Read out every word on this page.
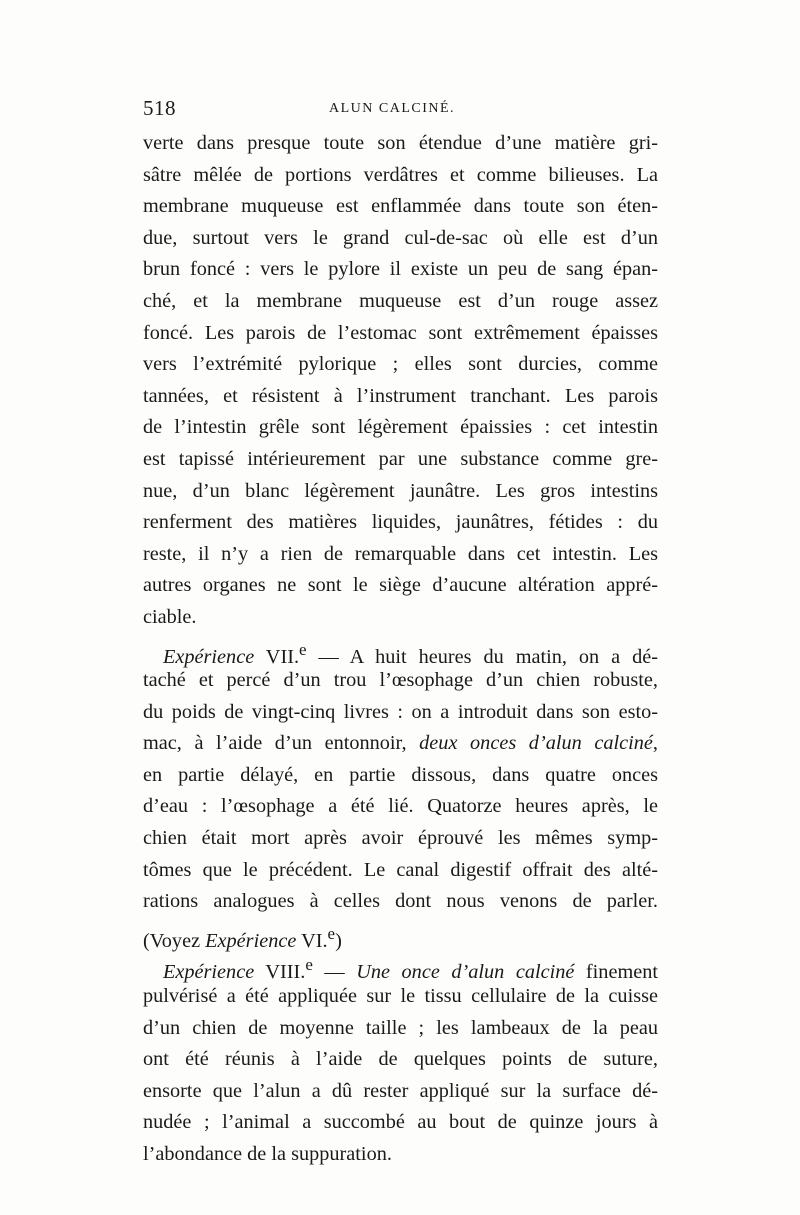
518	ALUN CALCINÉ.
verte dans presque toute son étendue d’une matière gri-
sâtre mêlée de portions verdâtres et comme bilieuses. La
membrane muqueuse est enflammée dans toute son éten-
due, surtout vers le grand cul-de-sac où elle est d’un
brun foncé : vers le pylore il existe un peu de sang épan-
ché, et la membrane muqueuse est d’un rouge assez
foncé. Les parois de l’estomac sont extrêmement épaisses
vers l’extrémité pylorique ; elles sont durcies, comme
tannées, et résistent à l’instrument tranchant. Les parois
de l’intestin grêle sont légèrement épaissies : cet intestin
est tapissé intérieurement par une substance comme gre-
nue, d’un blanc légèrement jaunâtre. Les gros intestins
renferment des matières liquides, jaunâtres, fétides : du
reste, il n’y a rien de remarquable dans cet intestin. Les
autres organes ne sont le siège d’aucune altération appré-
ciable.
Expérience VII.$^e$ — A huit heures du matin, on a dé-
taché et percé d’un trou l’œsophage d’un chien robuste,
du poids de vingt-cinq livres : on a introduit dans son esto-
mac, à l’aide d’un entonnoir, deux onces d’alun calciné,
en partie délayé, en partie dissous, dans quatre onces
d’eau : l’œsophage a été lié. Quatorze heures après, le
chien était mort après avoir éprouvé les mêmes symp-
tômes que le précédent. Le canal digestif offrait des alté-
rations analogues à celles dont nous venons de parler.
(Voyez Expérience VI.$^e$)
Expérience VIII.$^e$ — Une once d’alun calciné finement
pulvérisé a été appliquée sur le tissu cellulaire de la cuisse
d’un chien de moyenne taille ; les lambeaux de la peau
ont été réunis à l’aide de quelques points de suture,
ensorte que l’alun a dû rester appliqué sur la surface dé-
nudée ; l’animal a succombé au bout de quinze jours à
l’abondance de la suppuration.
